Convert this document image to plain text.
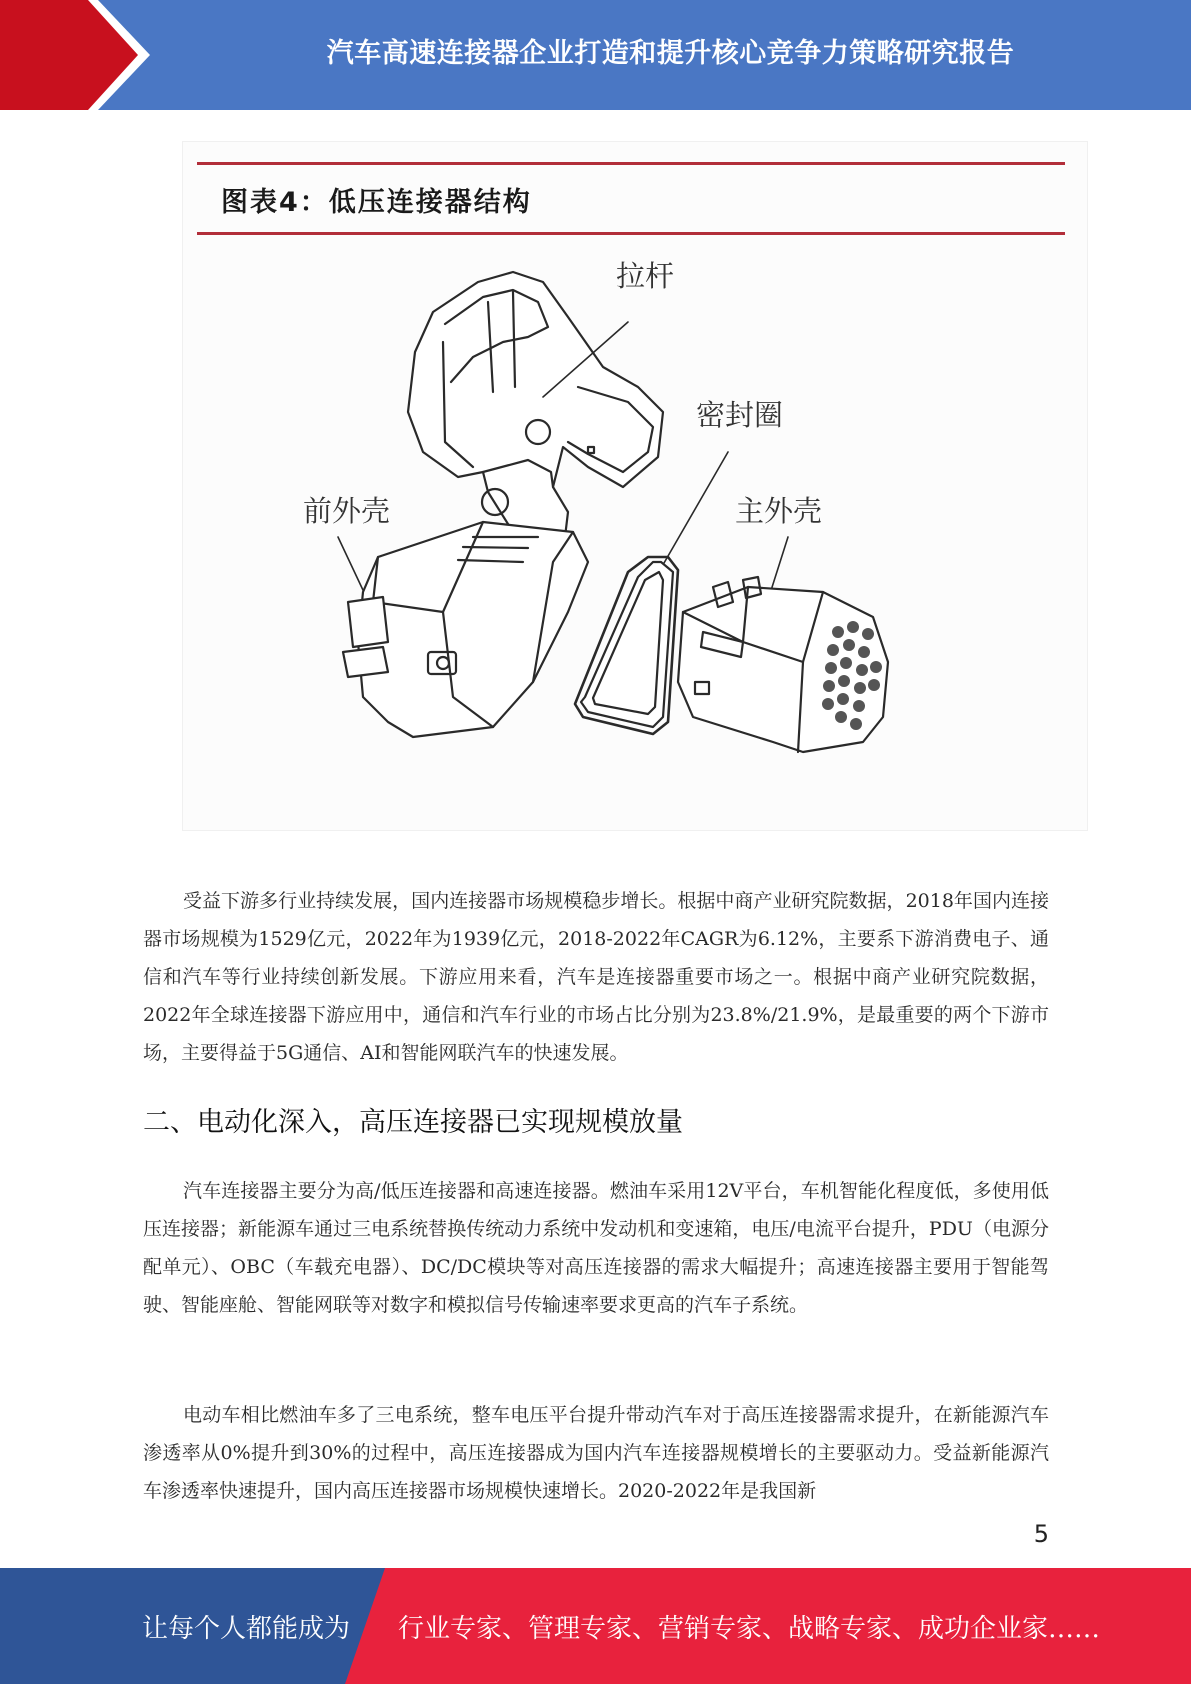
汽车高速连接器企业打造和提升核心竞争力策略研究报告
图表4：低压连接器结构
拉杆
密封圈
前外壳	主外壳
受益下游多行业持续发展，国内连接器市场规模稳步增长。根据中商产业研究院数据，2018年国内连接器市场规模为1529亿元，2022年为1939亿元，2018-2022年CAGR为6.12%，主要系下游消费电子、通信和汽车等行业持续创新发展。下游应用来看，汽车是连接器重要市场之一。根据中商产业研究院数据，2022年全球连接器下游应用中，通信和汽车行业的市场占比分别为23.8%/21.9%，是最重要的两个下游市场，主要得益于5G通信、AI和智能网联汽车的快速发展。
二、电动化深入，高压连接器已实现规模放量
汽车连接器主要分为高/低压连接器和高速连接器。燃油车采用12V平台，车机智能化程度低，多使用低压连接器；新能源车通过三电系统替换传统动力系统中发动机和变速箱，电压/电流平台提升，PDU（电源分配单元）、OBC（车载充电器）、DC/DC模块等对高压连接器的需求大幅提升；高速连接器主要用于智能驾驶、智能座舱、智能网联等对数字和模拟信号传输速率要求更高的汽车子系统。
电动车相比燃油车多了三电系统，整车电压平台提升带动汽车对于高压连接器需求提升，在新能源汽车渗透率从0%提升到30%的过程中，高压连接器成为国内汽车连接器规模增长的主要驱动力。受益新能源汽车渗透率快速提升，国内高压连接器市场规模快速增长。2020-2022年是我国新
5
让每个人都能成为 行业专家、管理专家、营销专家、战略专家、成功企业家……
